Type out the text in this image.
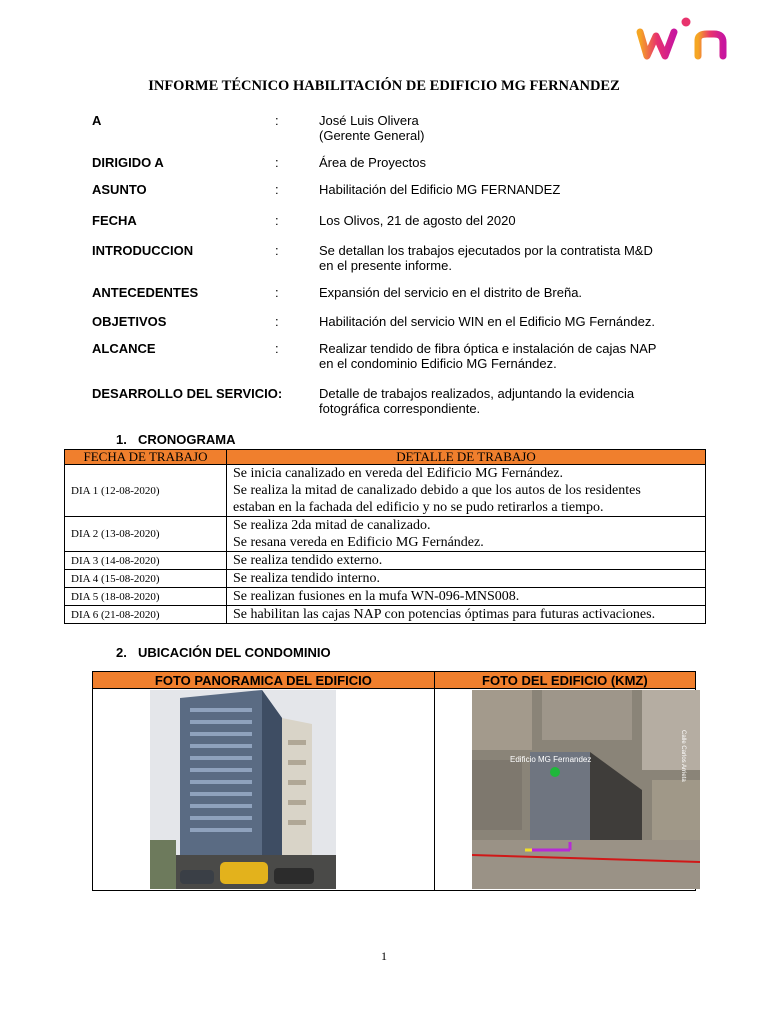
INFORME TÉCNICO HABILITACIÓN DE EDIFICIO MG FERNANDEZ
A	:	José Luis Olivera
(Gerente General)
DIRIGIDO A	:	Área de Proyectos
ASUNTO	:	Habilitación del Edificio MG FERNANDEZ
FECHA	:	Los Olivos, 21 de agosto del 2020
INTRODUCCION	:	Se detallan los trabajos ejecutados por la contratista M&D
en el presente informe.
ANTECEDENTES	:	Expansión del servicio en el distrito de Breña.
OBJETIVOS	:	Habilitación del servicio WIN en el Edificio MG Fernández.
ALCANCE	:	Realizar tendido de fibra óptica e instalación de cajas NAP
en el condominio Edificio MG Fernández.
DESARROLLO DEL SERVICIO:	Detalle de trabajos realizados, adjuntando la evidencia
fotográfica correspondiente.
1. CRONOGRAMA
FECHA DE TRABAJO	DETALLE DE TRABAJO
DIA 1 (12-08-2020)	Se inicia canalizado en vereda del Edificio MG Fernández.
Se realiza la mitad de canalizado debido a que los autos de los residentes
estaban en la fachada del edificio y no se pudo retirarlos a tiempo.

DIA 2 (13-08-2020)	Se realiza 2da mitad de canalizado.
Se resana vereda en Edificio MG Fernández.

DIA 3 (14-08-2020)	Se realiza tendido externo.
DIA 4 (15-08-2020)	Se realiza tendido interno.
DIA 5 (18-08-2020)	Se realizan fusiones en la mufa WN-096-MNS008.
DIA 6 (21-08-2020)	Se habilitan las cajas NAP con potencias óptimas para futuras activaciones.
2. UBICACIÓN DEL CONDOMINIO
FOTO PANORAMICA DEL EDIFICIO	FOTO DEL EDIFICIO (KMZ)

Edificio MG Fernandez Calle Carlos Arrieta
1
